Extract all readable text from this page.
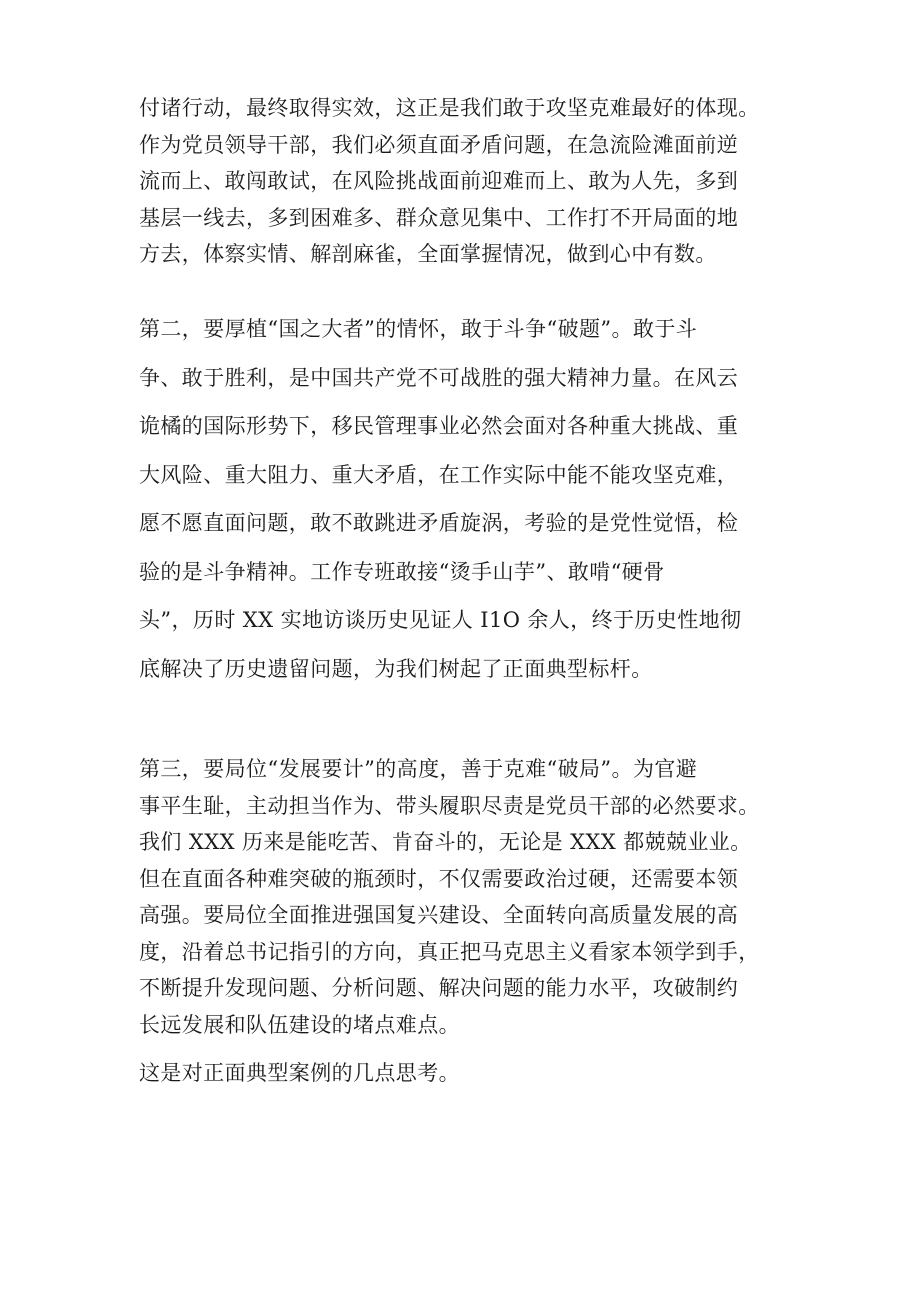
付诸行动，最终取得实效，这正是我们敢于攻坚克难最好的体现。
作为党员领导干部，我们必须直面矛盾问题，在急流险滩面前逆
流而上、敢闯敢试，在风险挑战面前迎难而上、敢为人先，多到
基层一线去，多到困难多、群众意见集中、工作打不开局面的地
方去，体察实情、解剖麻雀，全面掌握情况，做到心中有数。

第二，要厚植“国之大者”的情怀，敢于斗争“破题”。敢于斗
争、敢于胜利，是中国共产党不可战胜的强大精神力量。在风云
诡橘的国际形势下，移民管理事业必然会面对各种重大挑战、重
大风险、重大阻力、重大矛盾，在工作实际中能不能攻坚克难，
愿不愿直面问题，敢不敢跳进矛盾旋涡，考验的是党性觉悟，检
验的是斗争精神。工作专班敢接“烫手山芋”、敢啃“硬骨
头”，历时 XX 实地访谈历史见证人 I1O 余人，终于历史性地彻
底解决了历史遗留问题，为我们树起了正面典型标杆。

第三，要局位“发展要计”的高度，善于克难“破局”。为官避
事平生耻，主动担当作为、带头履职尽责是党员干部的必然要求。
我们 XXX 历来是能吃苦、肯奋斗的，无论是 XXX 都兢兢业业。
但在直面各种难突破的瓶颈时，不仅需要政治过硬，还需要本领
高强。要局位全面推进强国复兴建设、全面转向高质量发展的高
度，沿着总书记指引的方向，真正把马克思主义看家本领学到手，
不断提升发现问题、分析问题、解决问题的能力水平，攻破制约
长远发展和队伍建设的堵点难点。

这是对正面典型案例的几点思考。
